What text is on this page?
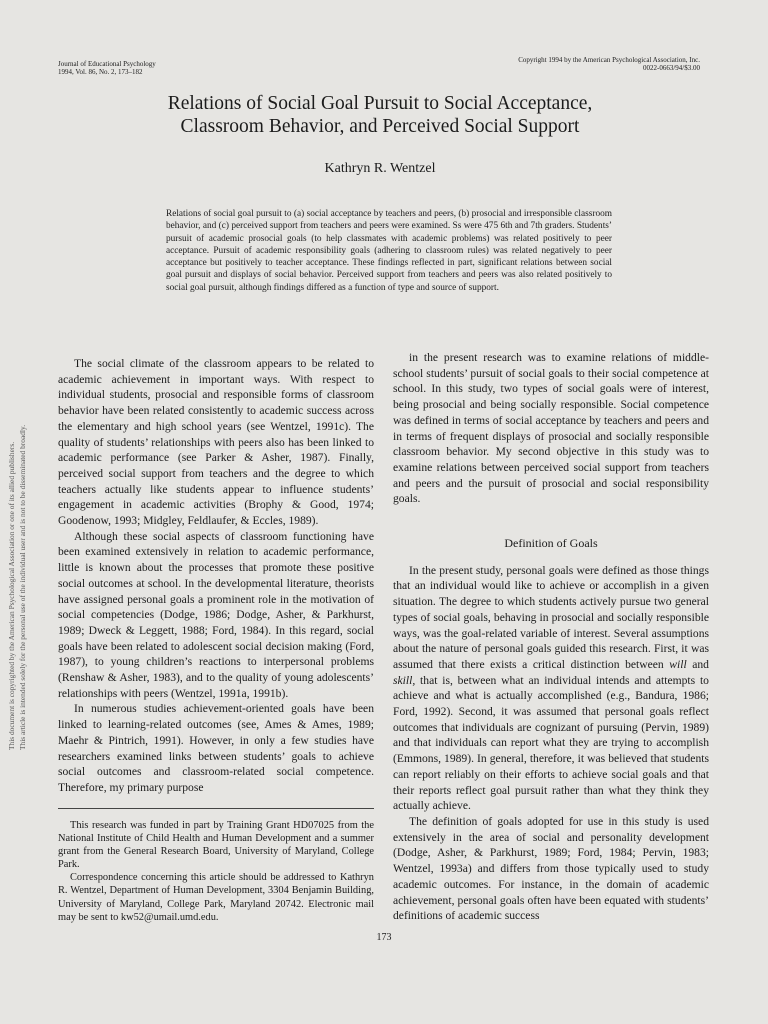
This document is copyrighted by the American Psychological Association or one of its allied publishers. This article is intended solely for the personal use of the individual user and is not to be disseminated broadly.
Journal of Educational Psychology
1994, Vol. 86, No. 2, 173–182
Copyright 1994 by the American Psychological Association, Inc.
0022-0663/94/$3.00
Relations of Social Goal Pursuit to Social Acceptance,
Classroom Behavior, and Perceived Social Support
Kathryn R. Wentzel
Relations of social goal pursuit to (a) social acceptance by teachers and peers, (b) prosocial and irresponsible classroom behavior, and (c) perceived support from teachers and peers were examined. Ss were 475 6th and 7th graders. Students’ pursuit of academic prosocial goals (to help classmates with academic problems) was related positively to peer acceptance. Pursuit of academic responsibility goals (adhering to classroom rules) was related negatively to peer acceptance but positively to teacher acceptance. These findings reflected in part, significant relations between social goal pursuit and displays of social behavior. Perceived support from teachers and peers was also related positively to social goal pursuit, although findings differed as a function of type and source of support.

The social climate of the classroom appears to be related to academic achievement in important ways. With respect to individual students, prosocial and responsible forms of classroom behavior have been related consistently to academic success across the elementary and high school years (see Wentzel, 1991c). The quality of students’ relationships with peers also has been linked to academic performance (see Parker & Asher, 1987). Finally, perceived social support from teachers and the degree to which teachers actually like students appear to influence students’ engagement in academic activities (Brophy & Good, 1974; Goodenow, 1993; Midgley, Feldlaufer, & Eccles, 1989).

Although these social aspects of classroom functioning have been examined extensively in relation to academic performance, little is known about the processes that promote these positive social outcomes at school. In the developmental literature, theorists have assigned personal goals a prominent role in the motivation of social competencies (Dodge, 1986; Dodge, Asher, & Parkhurst, 1989; Dweck & Leggett, 1988; Ford, 1984). In this regard, social goals have been related to adolescent social decision making (Ford, 1987), to young children’s reactions to interpersonal problems (Renshaw & Asher, 1983), and to the quality of young adolescents’ relationships with peers (Wentzel, 1991a, 1991b).

In numerous studies achievement-oriented goals have been linked to learning-related outcomes (see, Ames & Ames, 1989; Maehr & Pintrich, 1991). However, in only a few studies have researchers examined links between students’ goals to achieve social outcomes and classroom-related social competence. Therefore, my primary purpose

This research was funded in part by Training Grant HD07025 from the National Institute of Child Health and Human Development and a summer grant from the General Research Board, University of Maryland, College Park.

Correspondence concerning this article should be addressed to Kathryn R. Wentzel, Department of Human Development, 3304 Benjamin Building, University of Maryland, College Park, Maryland 20742. Electronic mail may be sent to kw52@umail.umd.edu.

in the present research was to examine relations of middle-school students’ pursuit of social goals to their social competence at school. In this study, two types of social goals were of interest, being prosocial and being socially responsible. Social competence was defined in terms of social acceptance by teachers and peers and in terms of frequent displays of prosocial and socially responsible classroom behavior. My second objective in this study was to examine relations between perceived social support from teachers and peers and the pursuit of prosocial and social responsibility goals.

Definition of Goals

In the present study, personal goals were defined as those things that an individual would like to achieve or accomplish in a given situation. The degree to which students actively pursue two general types of social goals, behaving in prosocial and socially responsible ways, was the goal-related variable of interest. Several assumptions about the nature of personal goals guided this research. First, it was assumed that there exists a critical distinction between will and skill, that is, between what an individual intends and attempts to achieve and what is actually accomplished (e.g., Bandura, 1986; Ford, 1992). Second, it was assumed that personal goals reflect outcomes that individuals are cognizant of pursuing (Pervin, 1989) and that individuals can report what they are trying to accomplish (Emmons, 1989). In general, therefore, it was believed that students can report reliably on their efforts to achieve social goals and that their reports reflect goal pursuit rather than what they think they actually achieve.

The definition of goals adopted for use in this study is used extensively in the area of social and personality development (Dodge, Asher, & Parkhurst, 1989; Ford, 1984; Pervin, 1983; Wentzel, 1993a) and differs from those typically used to study academic outcomes. For instance, in the domain of academic achievement, personal goals often have been equated with students’ definitions of academic success

173
